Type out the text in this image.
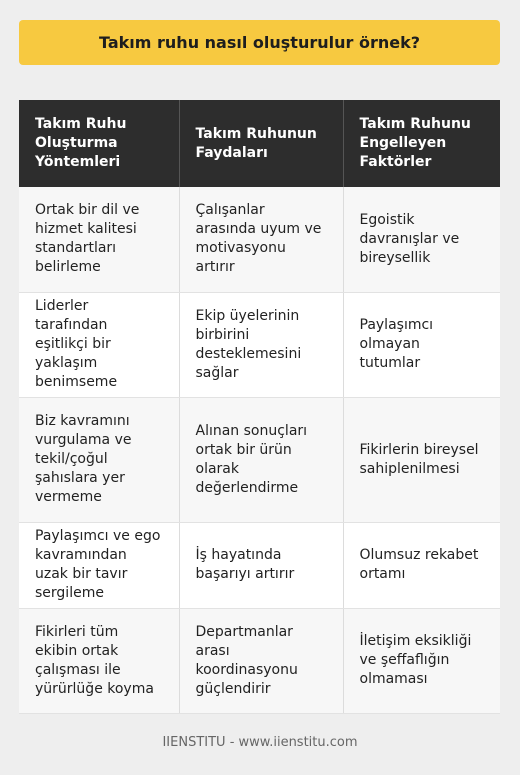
Takım ruhu nasıl oluşturulur örnek?
Takım Ruhu Oluşturma Yöntemleri	Takım Ruhunun Faydaları	Takım Ruhunu Engelleyen Faktörler
Ortak bir dil ve hizmet kalitesi standartları belirleme	Çalışanlar arasında uyum ve motivasyonu artırır	Egoistik davranışlar ve bireysellik
Liderler tarafından eşitlikçi bir yaklaşım benimseme	Ekip üyelerinin birbirini desteklemesini sağlar	Paylaşımcı olmayan tutumlar
Biz kavramını vurgulama ve tekil/çoğul şahıslara yer vermeme	Alınan sonuçları ortak bir ürün olarak değerlendirme	Fikirlerin bireysel sahiplenilmesi
Paylaşımcı ve ego kavramından uzak bir tavır sergileme	İş hayatında başarıyı artırır	Olumsuz rekabet ortamı
Fikirleri tüm ekibin ortak çalışması ile yürürlüğe koyma	Departmanlar arası koordinasyonu güçlendirir	İletişim eksikliği ve şeffaflığın olmaması
IIENSTITU - www.iienstitu.com
